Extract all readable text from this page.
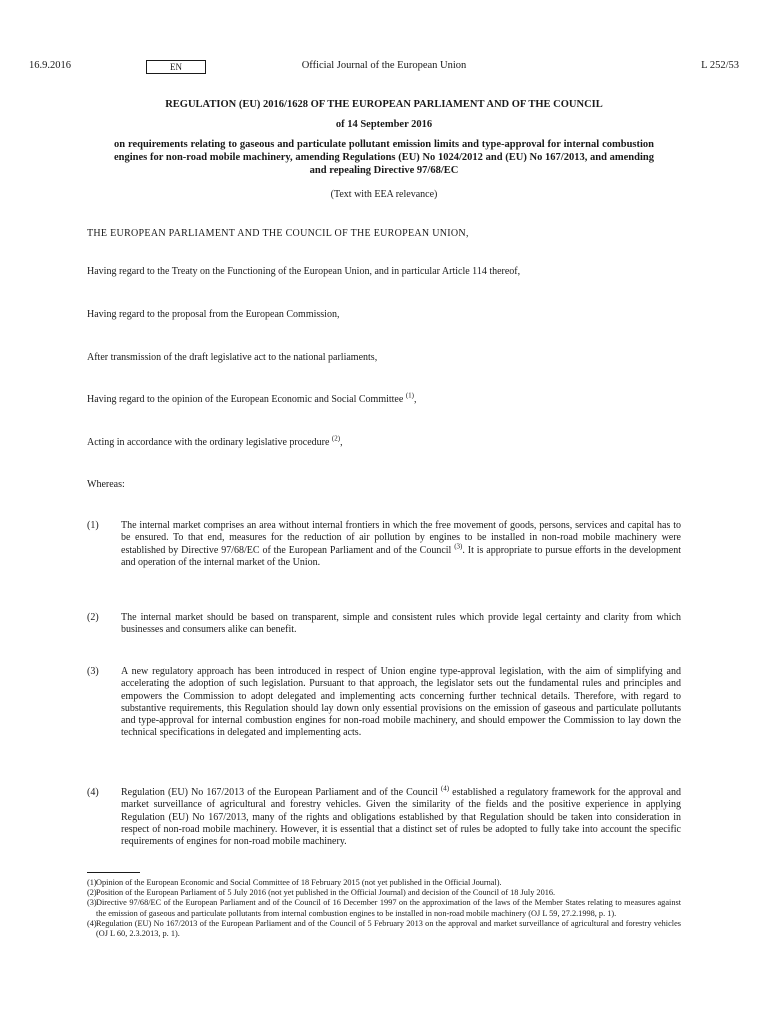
16.9.2016	Official Journal of the European Union
EN	L 252/53
REGULATION (EU) 2016/1628 OF THE EUROPEAN PARLIAMENT AND OF THE COUNCIL
of 14 September 2016
on requirements relating to gaseous and particulate pollutant emission limits and type-approval for internal combustion engines for non-road mobile machinery, amending Regulations (EU) No 1024/2012 and (EU) No 167/2013, and amending and repealing Directive 97/68/EC
(Text with EEA relevance)
THE EUROPEAN PARLIAMENT AND THE COUNCIL OF THE EUROPEAN UNION,
Having regard to the Treaty on the Functioning of the European Union, and in particular Article 114 thereof,
Having regard to the proposal from the European Commission,
After transmission of the draft legislative act to the national parliaments,
Having regard to the opinion of the European Economic and Social Committee $^{(1)}$,
Acting in accordance with the ordinary legislative procedure $^{(2)}$,
Whereas:
(1)	The internal market comprises an area without internal frontiers in which the free movement of goods, persons, services and capital has to be ensured. To that end, measures for the reduction of air pollution by engines to be installed in non-road mobile machinery were established by Directive 97/68/EC of the European Parliament and of the Council $^{(3)}$. It is appropriate to pursue efforts in the development and operation of the internal market of the Union.
(2)	The internal market should be based on transparent, simple and consistent rules which provide legal certainty and clarity from which businesses and consumers alike can benefit.
(3)	A new regulatory approach has been introduced in respect of Union engine type-approval legislation, with the aim of simplifying and accelerating the adoption of such legislation. Pursuant to that approach, the legislator sets out the fundamental rules and principles and empowers the Commission to adopt delegated and implementing acts concerning further technical details. Therefore, with regard to substantive requirements, this Regulation should lay down only essential provisions on the emission of gaseous and particulate pollutants and type-approval for internal combustion engines for non-road mobile machinery, and should empower the Commission to lay down the technical specifications in delegated and implementing acts.
(4)	Regulation (EU) No 167/2013 of the European Parliament and of the Council $^{(4)}$ established a regulatory framework for the approval and market surveillance of agricultural and forestry vehicles. Given the similarity of the fields and the positive experience in applying Regulation (EU) No 167/2013, many of the rights and obligations established by that Regulation should be taken into consideration in respect of non-road mobile machinery. However, it is essential that a distinct set of rules be adopted to fully take into account the specific requirements of engines for non-road mobile machinery.
(1) Opinion of the European Economic and Social Committee of 18 February 2015 (not yet published in the Official Journal).
(2) Position of the European Parliament of 5 July 2016 (not yet published in the Official Journal) and decision of the Council of 18 July 2016.
(3) Directive 97/68/EC of the European Parliament and of the Council of 16 December 1997 on the approximation of the laws of the Member States relating to measures against the emission of gaseous and particulate pollutants from internal combustion engines to be installed in non-road mobile machinery (OJ L 59, 27.2.1998, p. 1).
(4) Regulation (EU) No 167/2013 of the European Parliament and of the Council of 5 February 2013 on the approval and market surveillance of agricultural and forestry vehicles (OJ L 60, 2.3.2013, p. 1).
